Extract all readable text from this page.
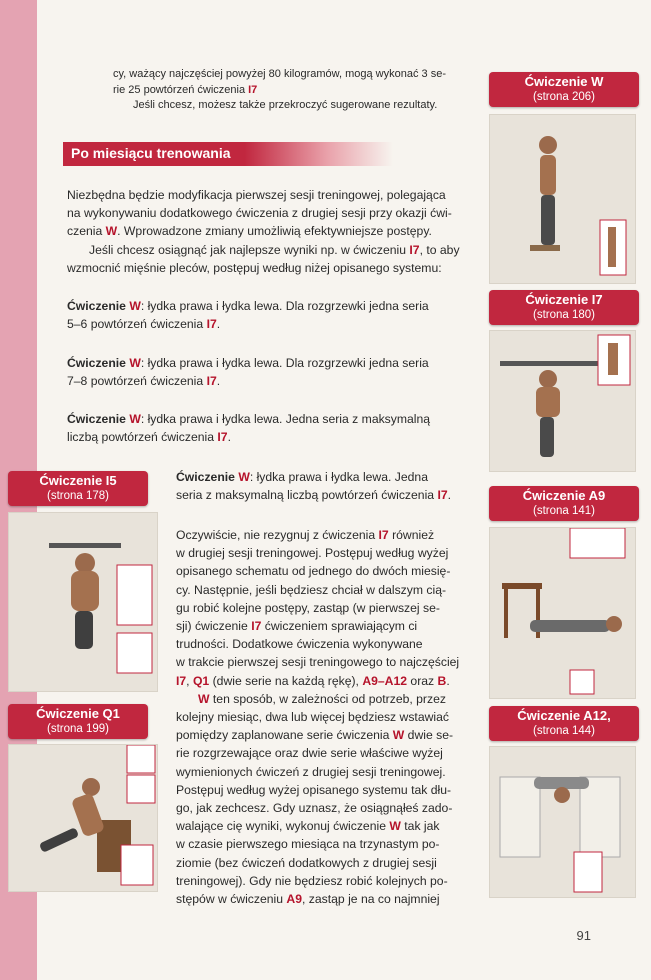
cy, ważący najczęściej powyżej 80 kilogramów, mogą wykonać 3 se-
rie 25 powtórzeń ćwiczenia I7
Jeśli chcesz, możesz także przekroczyć sugerowane rezultaty.
Po miesiącu trenowania
Niezbędna będzie modyfikacja pierwszej sesji treningowej, polegająca
na wykonywaniu dodatkowego ćwiczenia z drugiej sesji przy okazji ćwi-
czenia W. Wprowadzone zmiany umożliwią efektywniejsze postępy.
Jeśli chcesz osiągnąć jak najlepsze wyniki np. w ćwiczeniu I7, to aby
wzmocnić mięśnie pleców, postępuj według niżej opisanego systemu:
Ćwiczenie W: łydka prawa i łydka lewa. Dla rozgrzewki jedna seria
5–6 powtórzeń ćwiczenia I7.
Ćwiczenie W: łydka prawa i łydka lewa. Dla rozgrzewki jedna seria
7–8 powtórzeń ćwiczenia I7.
Ćwiczenie W: łydka prawa i łydka lewa. Jedna seria z maksymalną
liczbą powtórzeń ćwiczenia I7.
Ćwiczenie W: łydka prawa i łydka lewa. Jedna
seria z maksymalną liczbą powtórzeń ćwiczenia I7.
Oczywiście, nie rezygnuj z ćwiczenia I7 również
w drugiej sesji treningowej. Postępuj według wyżej
opisanego schematu od jednego do dwóch miesię-
cy. Następnie, jeśli będziesz chciał w dalszym cią-
gu robić kolejne postępy, zastąp (w pierwszej se-
sji) ćwiczenie I7 ćwiczeniem sprawiającym ci
trudności. Dodatkowe ćwiczenia wykonywane
w trakcie pierwszej sesji treningowego to najczęściej
I7, Q1 (dwie serie na każdą rękę), A9–A12 oraz B.
W ten sposób, w zależności od potrzeb, przez
kolejny miesiąc, dwa lub więcej będziesz wstawiać
pomiędzy zaplanowane serie ćwiczenia W dwie se-
rie rozgrzewające oraz dwie serie właściwe wyżej
wymienionych ćwiczeń z drugiej sesji treningowej.
Postępuj według wyżej opisanego systemu tak dłu-
go, jak zechcesz. Gdy uznasz, że osiągnąłeś zado-
walające cię wyniki, wykonuj ćwiczenie W tak jak
w czasie pierwszego miesiąca na trzynastym po-
ziomie (bez ćwiczeń dodatkowych z drugiej sesji
treningowej). Gdy nie będziesz robić kolejnych po-
stępów w ćwiczeniu A9, zastąp je na co najmniej
Ćwiczenie W
(strona 206)
Ćwiczenie I7
(strona 180)
Ćwiczenie A9
(strona 141)
Ćwiczenie A12,
(strona 144)
Ćwiczenie I5
(strona 178)
Ćwiczenie Q1
(strona 199)
91
